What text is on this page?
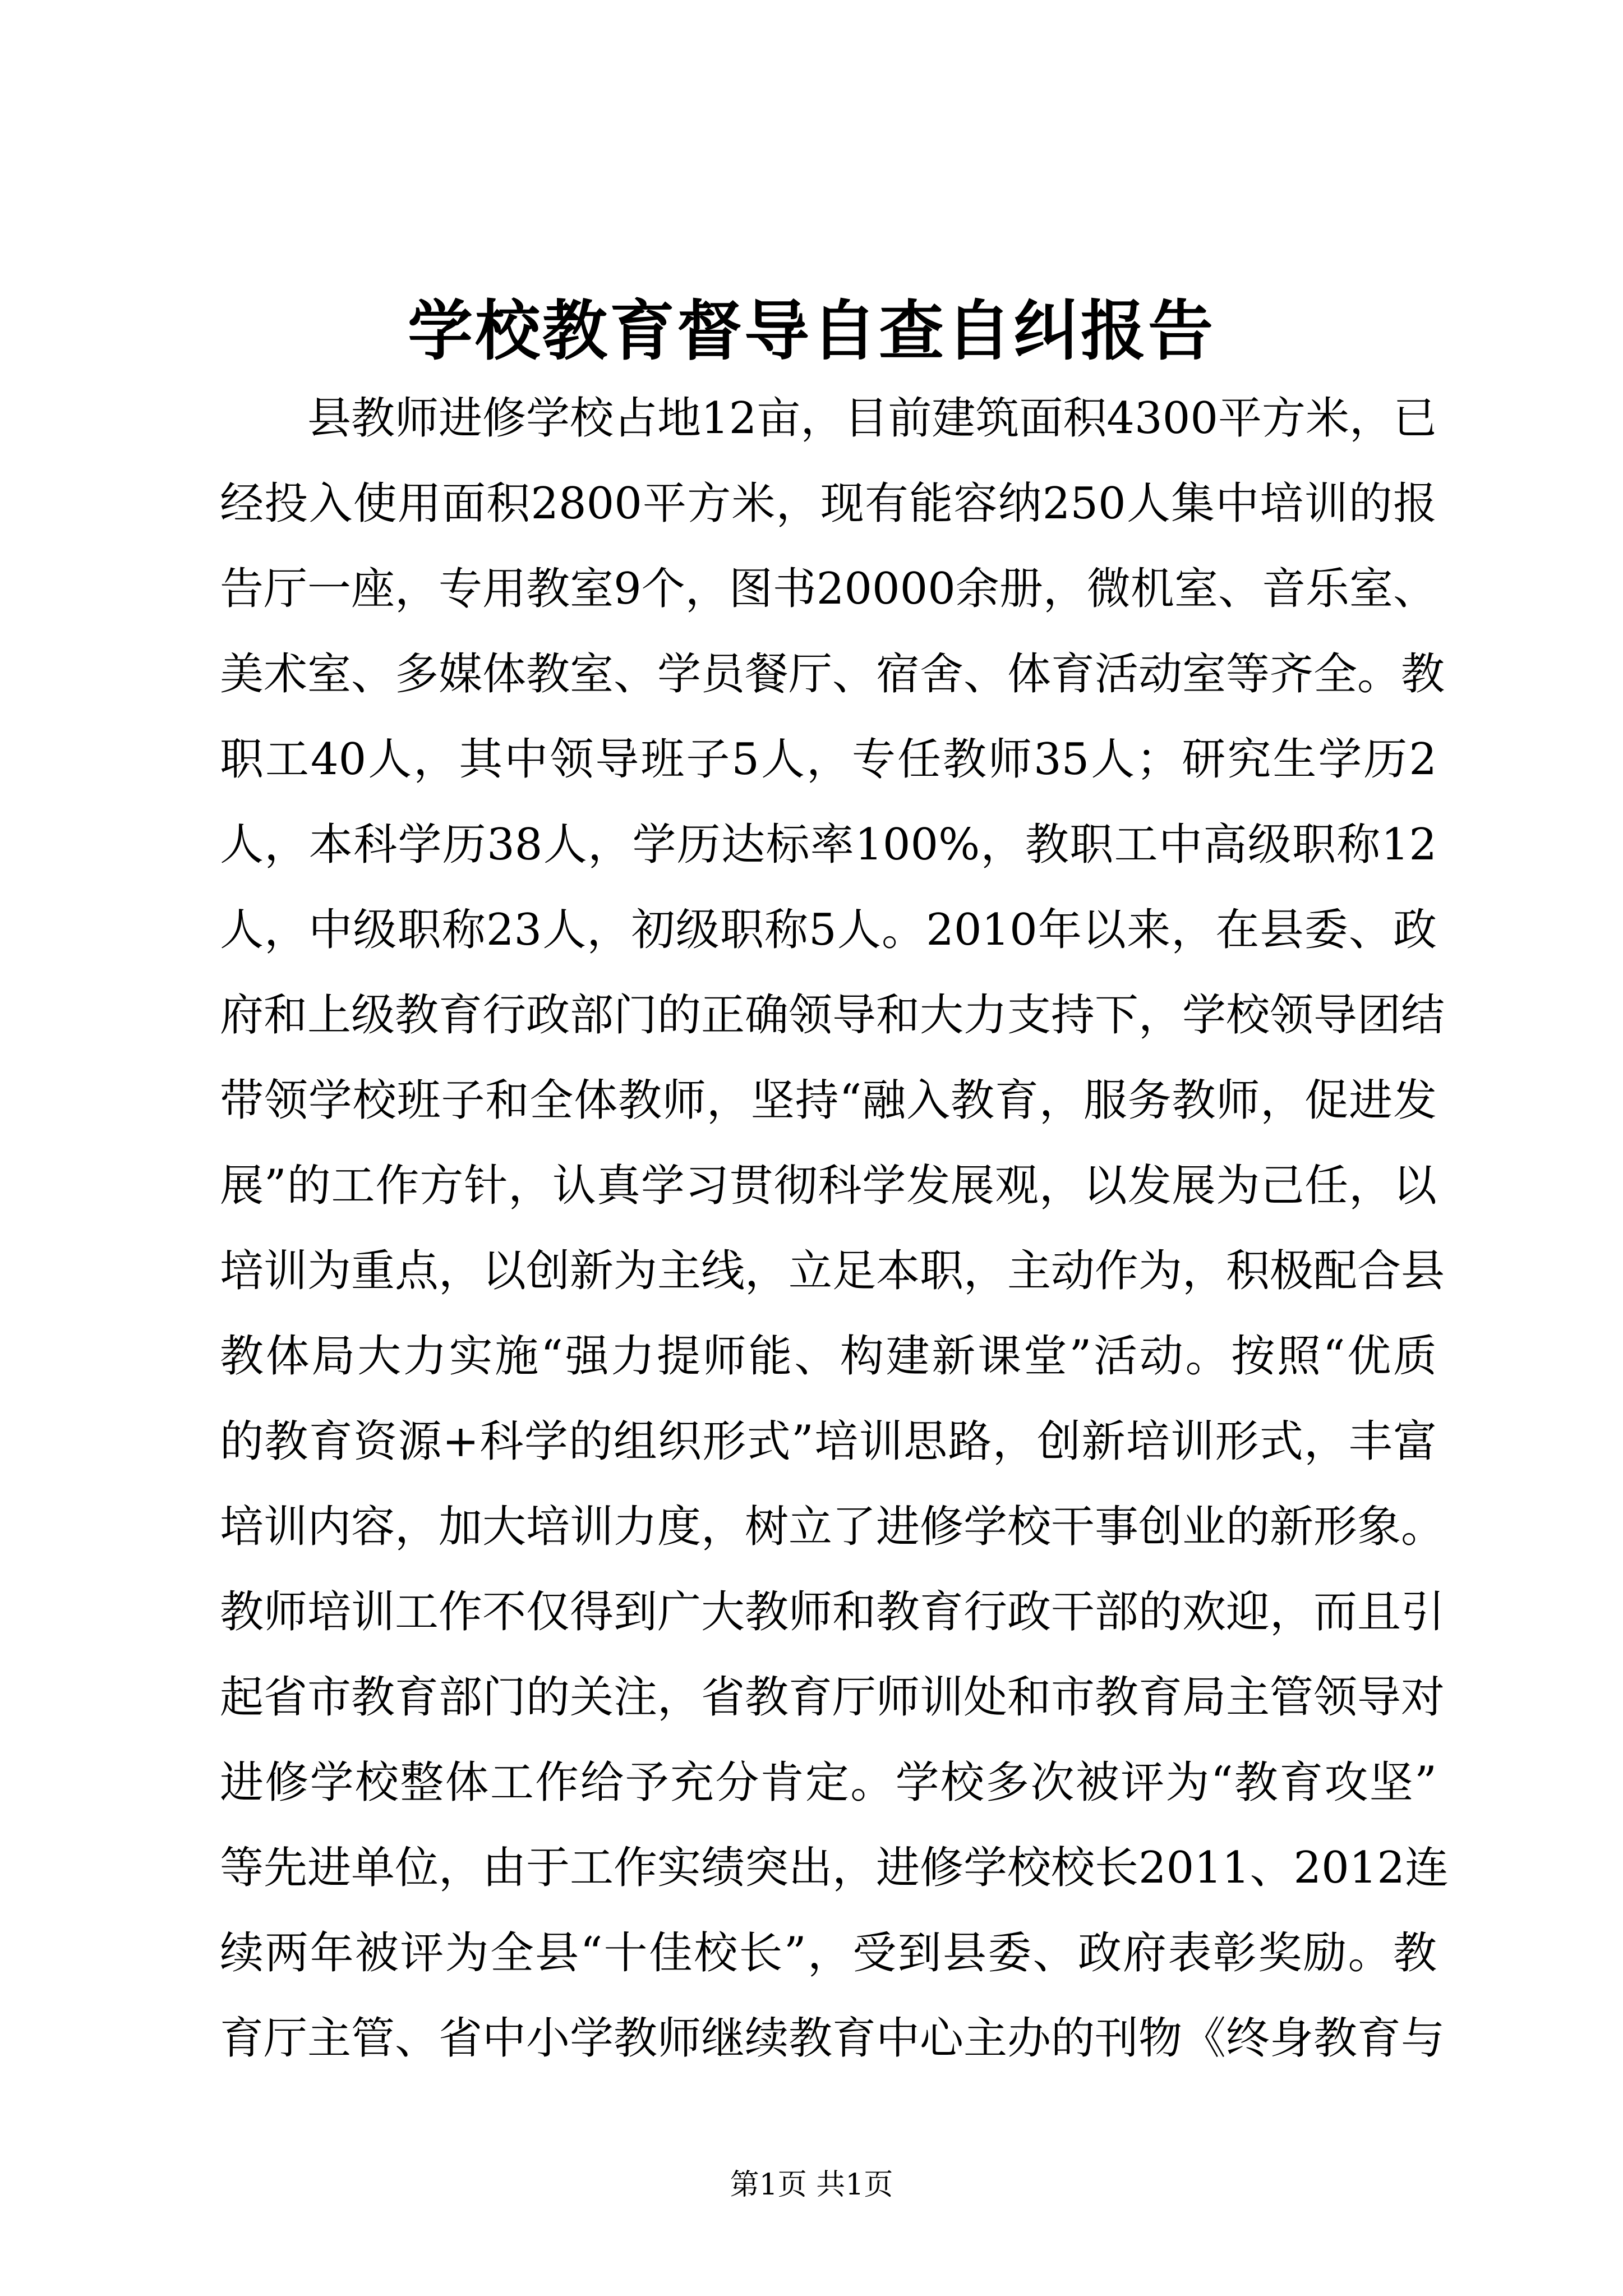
学校教育督导自查自纠报告
县教师进修学校占地12亩，目前建筑面积4300平方米，已
经投入使用面积2800平方米，现有能容纳250人集中培训的报
告厅一座，专用教室9个，图书20000余册，微机室、音乐室、
美术室、多媒体教室、学员餐厅、宿舍、体育活动室等齐全。教
职工40人，其中领导班子5人，专任教师35人；研究生学历2
人，本科学历38人，学历达标率100%，教职工中高级职称12
人，中级职称23人，初级职称5人。2010年以来，在县委、政
府和上级教育行政部门的正确领导和大力支持下，学校领导团结
带领学校班子和全体教师，坚持“融入教育，服务教师，促进发
展”的工作方针，认真学习贯彻科学发展观，以发展为己任，以
培训为重点，以创新为主线，立足本职，主动作为，积极配合县
教体局大力实施“强力提师能、构建新课堂”活动。按照“优质
的教育资源+科学的组织形式”培训思路，创新培训形式，丰富
培训内容，加大培训力度，树立了进修学校干事创业的新形象。
教师培训工作不仅得到广大教师和教育行政干部的欢迎，而且引
起省市教育部门的关注，省教育厅师训处和市教育局主管领导对
进修学校整体工作给予充分肯定。学校多次被评为“教育攻坚”
等先进单位，由于工作实绩突出，进修学校校长2011、2012连
续两年被评为全县“十佳校长”，受到县委、政府表彰奖励。教
育厅主管、省中小学教师继续教育中心主办的刊物《终身教育与
第1页 共1页
